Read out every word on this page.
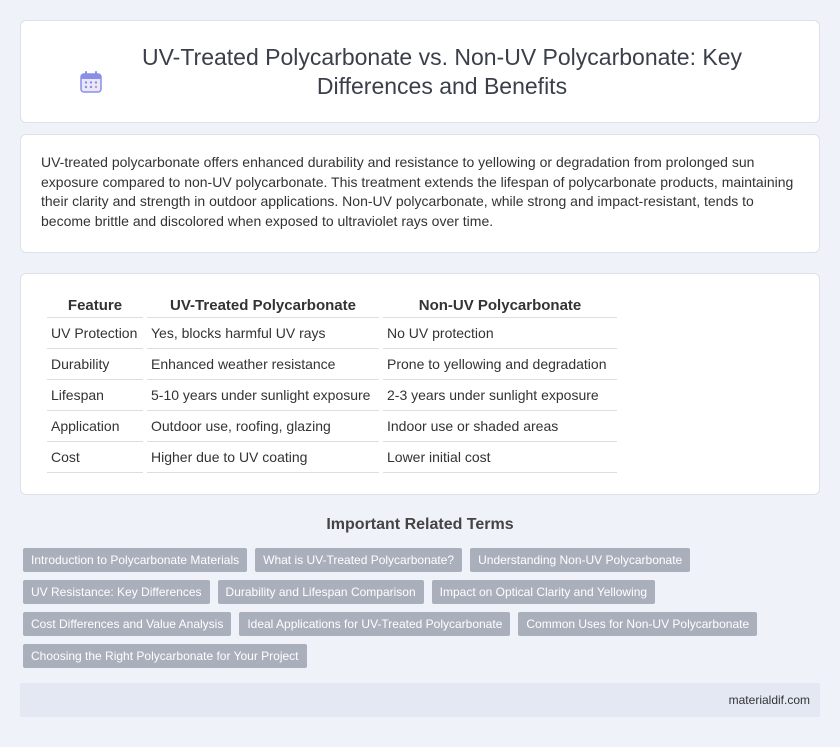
UV-Treated Polycarbonate vs. Non-UV Polycarbonate: Key Differences and Benefits

UV-treated polycarbonate offers enhanced durability and resistance to yellowing or degradation from prolonged sun exposure compared to non-UV polycarbonate. This treatment extends the lifespan of polycarbonate products, maintaining their clarity and strength in outdoor applications. Non-UV polycarbonate, while strong and impact-resistant, tends to become brittle and discolored when exposed to ultraviolet rays over time.

Feature	UV-Treated Polycarbonate	Non-UV Polycarbonate
UV Protection	Yes, blocks harmful UV rays	No UV protection
Durability	Enhanced weather resistance	Prone to yellowing and degradation
Lifespan	5-10 years under sunlight exposure	2-3 years under sunlight exposure
Application	Outdoor use, roofing, glazing	Indoor use or shaded areas
Cost	Higher due to UV coating	Lower initial cost
Important Related Terms
Introduction to Polycarbonate Materials	What is UV-Treated Polycarbonate?	Understanding Non-UV Polycarbonate
UV Resistance: Key Differences	Durability and Lifespan Comparison	Impact on Optical Clarity and Yellowing
Cost Differences and Value Analysis	Ideal Applications for UV-Treated Polycarbonate	Common Uses for Non-UV Polycarbonate
Choosing the Right Polycarbonate for Your Project
materialdif.com
